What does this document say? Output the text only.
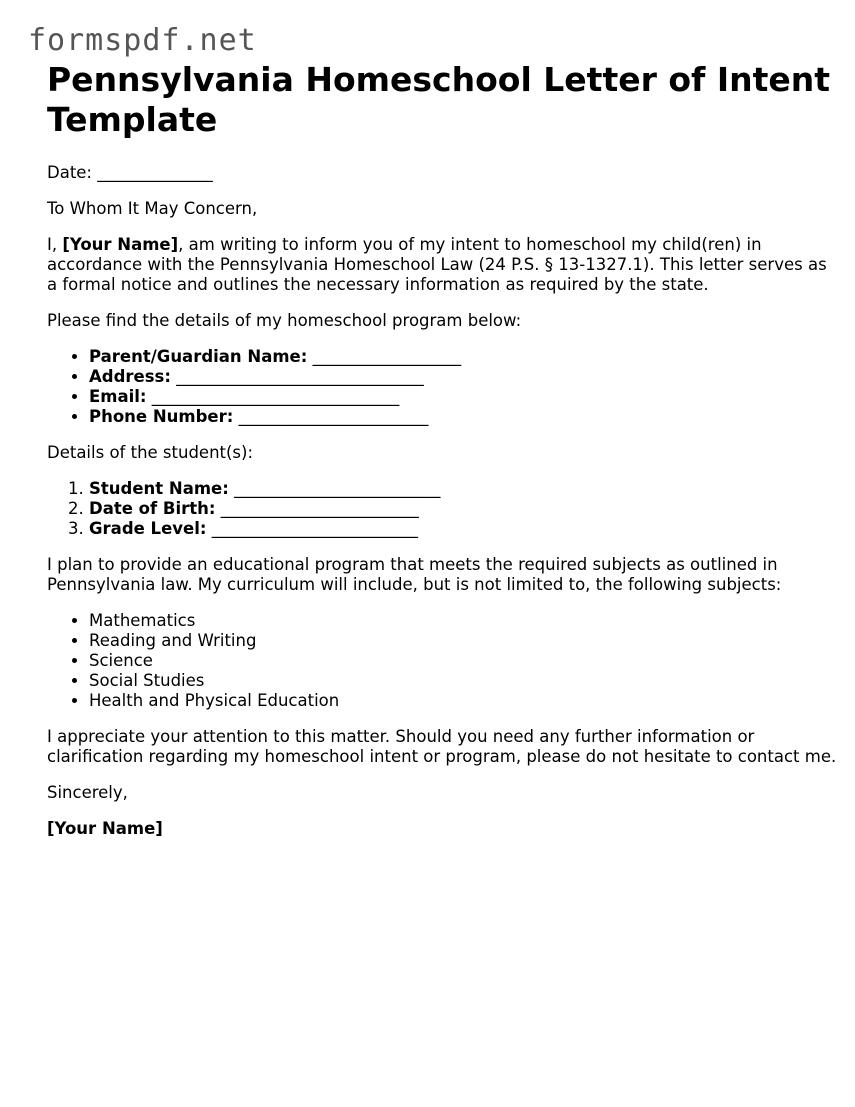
formspdf.net
Pennsylvania Homeschool Letter of Intent Template

Date: ______________

To Whom It May Concern,

I, [Your Name], am writing to inform you of my intent to homeschool my child(ren) in accordance with the Pennsylvania Homeschool Law (24 P.S. § 13-1327.1). This letter serves as a formal notice and outlines the necessary information as required by the state.

Please find the details of my homeschool program below:

• Parent/Guardian Name: __________________
• Address: ______________________________
• Email: ______________________________
• Phone Number: _______________________

Details of the student(s):

1. Student Name: _________________________
2. Date of Birth: ________________________
3. Grade Level: _________________________

I plan to provide an educational program that meets the required subjects as outlined in Pennsylvania law. My curriculum will include, but is not limited to, the following subjects:

• Mathematics
• Reading and Writing
• Science
• Social Studies
• Health and Physical Education

I appreciate your attention to this matter. Should you need any further information or clarification regarding my homeschool intent or program, please do not hesitate to contact me.

Sincerely,

[Your Name]
